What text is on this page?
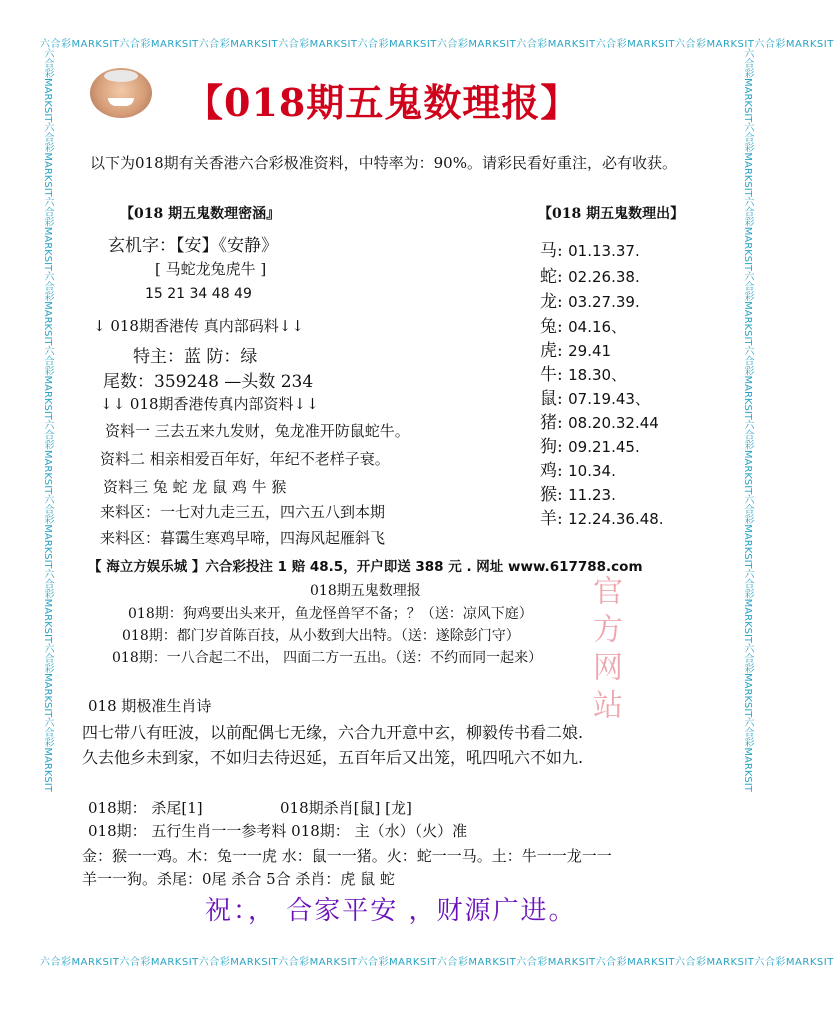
六合彩MARKSIT六合彩MARKSIT六合彩MARKSIT六合彩MARKSIT六合彩MARKSIT六合彩MARKSIT六合彩MARKSIT六合彩MARKSIT六合彩MARKSIT六合彩MARKSIT
六合彩MARKSIT六合彩MARKSIT六合彩MARKSIT六合彩MARKSIT六合彩MARKSIT六合彩MARKSIT六合彩MARKSIT六合彩MARKSIT六合彩MARKSIT六合彩MARKSIT
六合彩MARKSIT六合彩MARKSIT六合彩MARKSIT六合彩MARKSIT六合彩MARKSIT六合彩MARKSIT六合彩MARKSIT六合彩MARKSIT六合彩MARKSIT六合彩MARKSIT	六合彩MARKSIT六合彩MARKSIT六合彩MARKSIT六合彩MARKSIT六合彩MARKSIT六合彩MARKSIT六合彩MARKSIT六合彩MARKSIT六合彩MARKSIT六合彩MARKSIT
【018期五鬼数理报】
以下为018期有关香港六合彩极准资料，中特率为：90%。请彩民看好重注，必有收获。
【018 期五鬼数理密涵』
玄机字：【安】《安静》
[ 马蛇龙兔虎牛 ]
15 21 34 48 49
↓ 018期香港传 真内部码料↓↓
特主：蓝 防：绿
尾数：359248 —头数 234
↓↓ 018期香港传真内部资料↓↓
资料一 三去五来九发财，兔龙准开防鼠蛇牛。
资料二 相亲相爱百年好，年纪不老样子衰。
资料三 兔 蛇 龙 鼠 鸡 牛 猴
来料区：一七对九走三五，四六五八到本期
来料区：暮霭生寒鸡早啼，四海风起雁斜飞
【018 期五鬼数理出】
马: 01.13.37.
蛇: 02.26.38.
龙: 03.27.39.
兔: 04.16、
虎: 29.41
牛: 18.30、
鼠: 07.19.43、
猪: 08.20.32.44
狗: 09.21.45.
鸡: 10.34.
猴: 11.23.
羊: 12.24.36.48.
【 海立方娱乐城 】六合彩投注 1 赔 48.5，开户即送 388 元 . 网址 www.617788.com
018期五鬼数理报
018期：狗鸡要出头来开，鱼龙怪兽罕不备；？（送：凉风下庭）
018期：都门岁首陈百技，从小数到大出特。（送：遂除彭门守）
018期：一八合起二不出， 四面二方一五出。（送：不约而同一起来） 官方网站
018 期极准生肖诗
四七带八有旺波，以前配偶七无缘，六合九开意中玄，柳毅传书看二娘.
久去他乡未到家，不如归去待迟延，五百年后又出笼，吼四吼六不如九.
018期： 杀尾[1]	018期杀肖[鼠] [龙]
018期： 五行生肖一一参考料 018期： 主（水）（火）准
金：猴一一鸡。木：兔一一虎 水：鼠一一猪。火：蛇一一马。土：牛一一龙一一
羊一一狗。杀尾：0尾 杀合 5合 杀肖：虎 鼠 蛇
祝：， 合家平安 ，财源广进。
